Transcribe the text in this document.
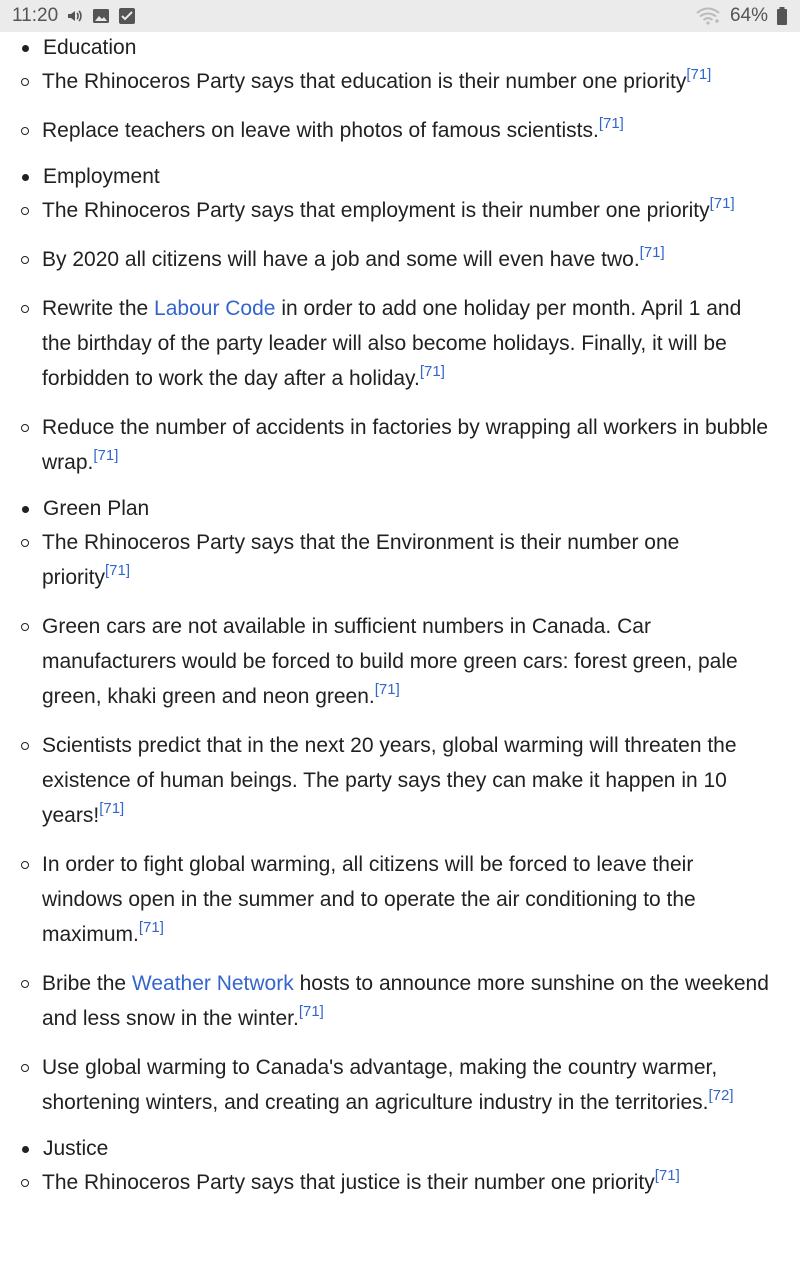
11:20	64%
Education
The Rhinoceros Party says that education is their number one priority[71]
Replace teachers on leave with photos of famous scientists.[71]
Employment
The Rhinoceros Party says that employment is their number one priority[71]
By 2020 all citizens will have a job and some will even have two.[71]
Rewrite the Labour Code in order to add one holiday per month. April 1 and the birthday of the party leader will also become holidays. Finally, it will be forbidden to work the day after a holiday.[71]
Reduce the number of accidents in factories by wrapping all workers in bubble wrap.[71]
Green Plan
The Rhinoceros Party says that the Environment is their number one priority[71]
Green cars are not available in sufficient numbers in Canada. Car manufacturers would be forced to build more green cars: forest green, pale green, khaki green and neon green.[71]
Scientists predict that in the next 20 years, global warming will threaten the existence of human beings. The party says they can make it happen in 10 years![71]
In order to fight global warming, all citizens will be forced to leave their windows open in the summer and to operate the air conditioning to the maximum.[71]
Bribe the Weather Network hosts to announce more sunshine on the weekend and less snow in the winter.[71]
Use global warming to Canada's advantage, making the country warmer, shortening winters, and creating an agriculture industry in the territories.[72]
Justice
The Rhinoceros Party says that justice is their number one priority[71]
